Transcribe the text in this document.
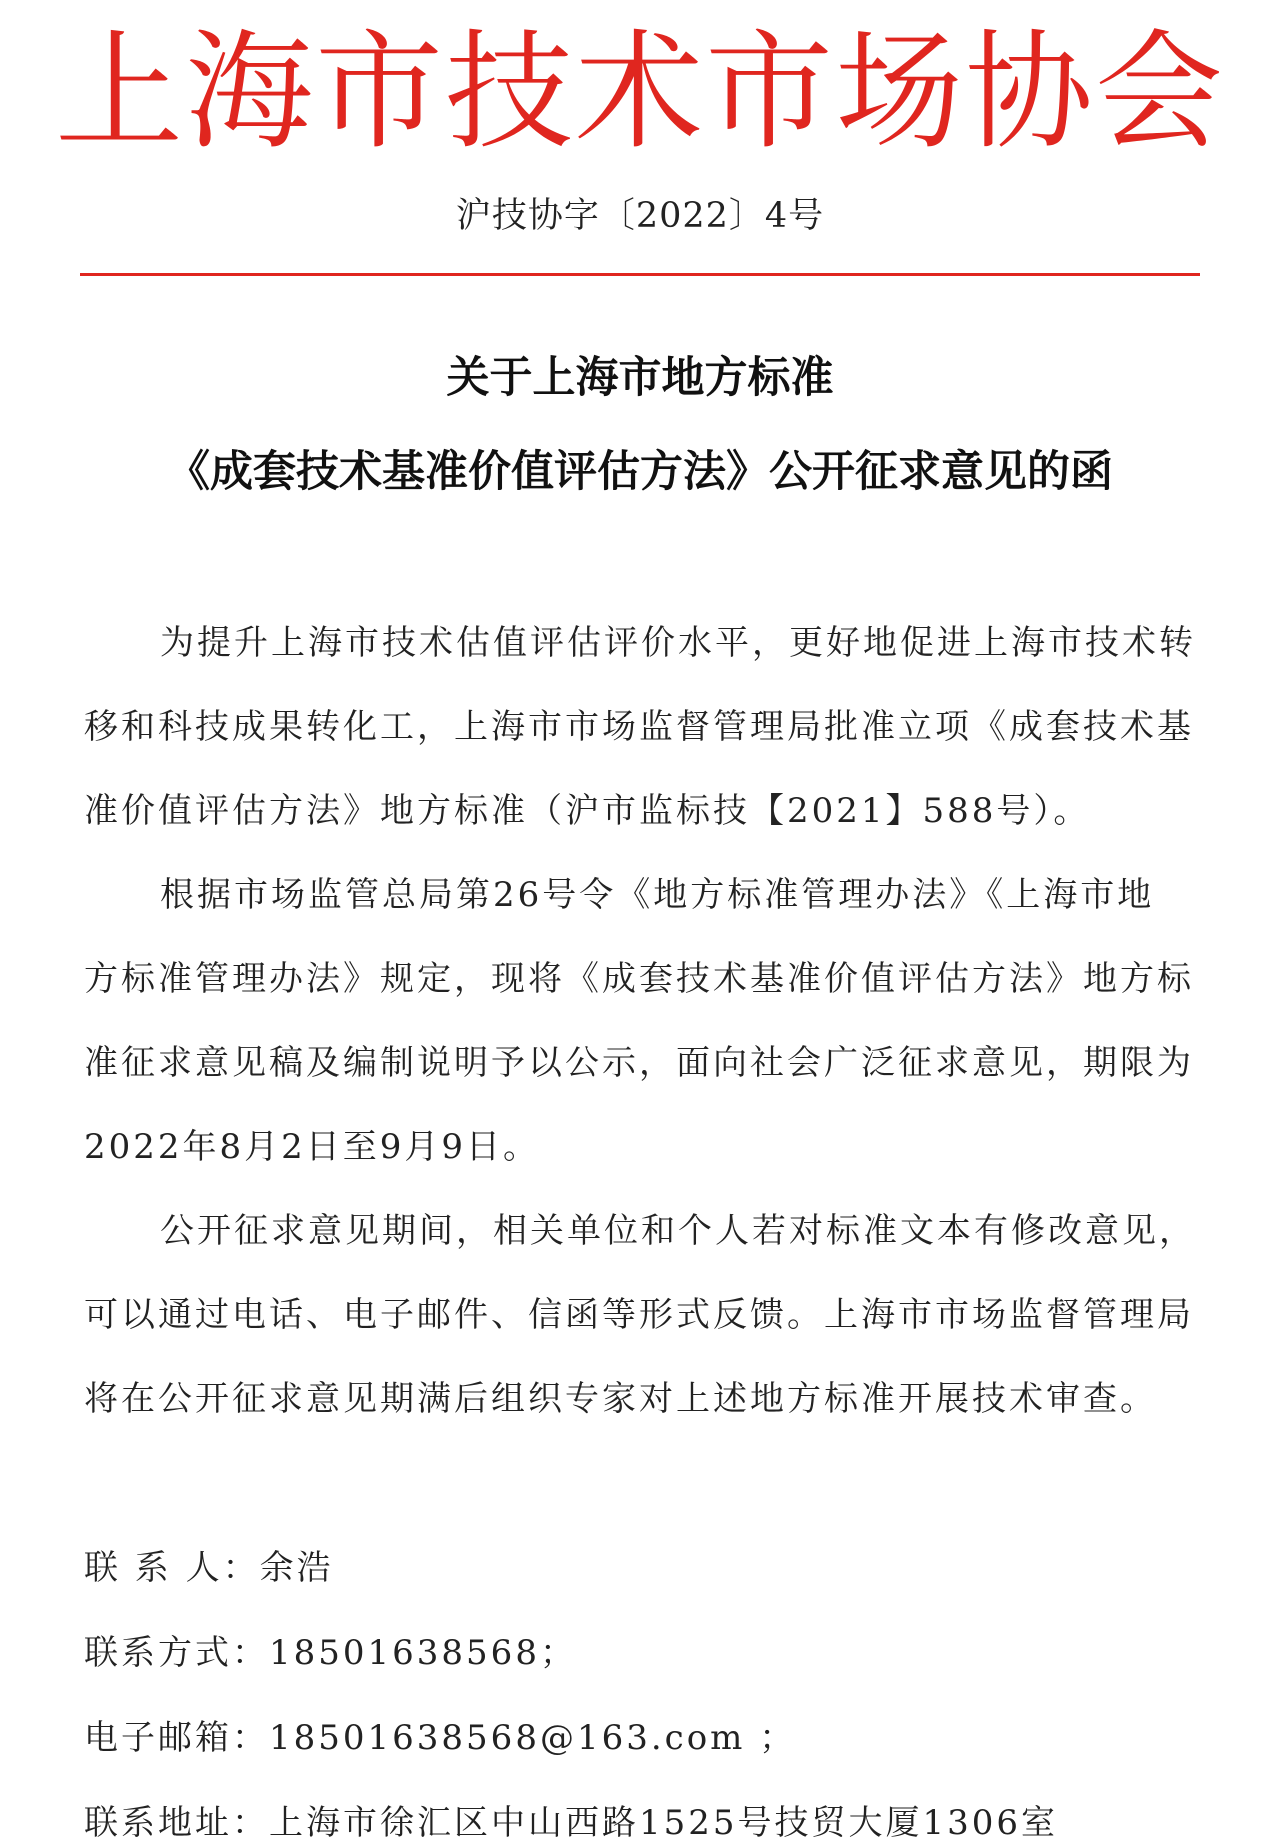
上海市技术市场协会
沪技协字〔2022〕4号
关于上海市地方标准
《成套技术基准价值评估方法》公开征求意见的函
为提升上海市技术估值评估评价水平，更好地促进上海市技术转
移和科技成果转化工，上海市市场监督管理局批准立项《成套技术基
准价值评估方法》地方标准（沪市监标技【2021】588号）。
根据市场监管总局第26号令《地方标准管理办法》《上海市地
方标准管理办法》规定，现将《成套技术基准价值评估方法》地方标
准征求意见稿及编制说明予以公示，面向社会广泛征求意见，期限为
2022年8月2日至9月9日。
公开征求意见期间，相关单位和个人若对标准文本有修改意见，
可以通过电话、电子邮件、信函等形式反馈。上海市市场监督管理局
将在公开征求意见期满后组织专家对上述地方标准开展技术审查。
联 系 人：余浩
联系方式：18501638568；
电子邮箱：18501638568@163.com ；
联系地址：上海市徐汇区中山西路1525号技贸大厦1306室
